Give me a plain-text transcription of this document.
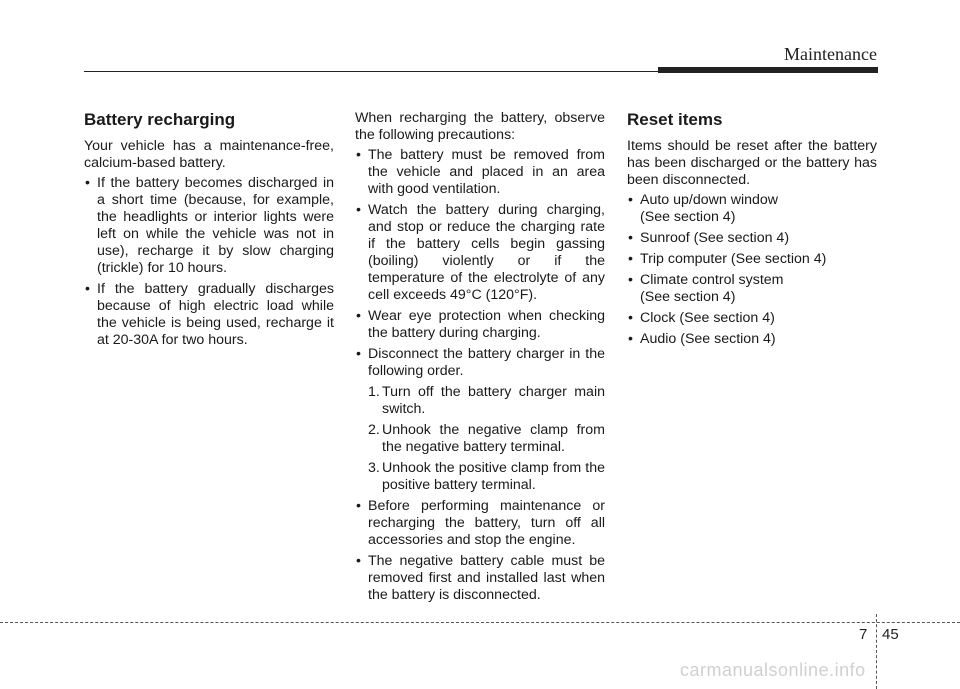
Maintenance
Battery recharging

Your vehicle has a maintenance-free, calcium-based battery.

• If the battery becomes discharged in a short time (because, for example, the headlights or interior lights were left on while the vehicle was not in use), recharge it by slow charging (trickle) for 10 hours.
• If the battery gradually discharges because of high electric load while the vehicle is being used, recharge it at 20-30A for two hours.

When recharging the battery, observe the following precautions:

• The battery must be removed from the vehicle and placed in an area with good ventilation.
• Watch the battery during charging, and stop or reduce the charging rate if the battery cells begin gassing (boiling) violently or if the temperature of the electrolyte of any cell exceeds 49°C (120°F).
• Wear eye protection when checking the battery during charging.
• Disconnect the battery charger in the following order.
1. Turn off the battery charger main switch.
2. Unhook the negative clamp from the negative battery terminal.
3. Unhook the positive clamp from the positive battery terminal.
• Before performing maintenance or recharging the battery, turn off all accessories and stop the engine.
• The negative battery cable must be removed first and installed last when the battery is disconnected.
Reset items

Items should be reset after the battery has been discharged or the battery has been disconnected.

• Auto up/down window
(See section 4)
• Sunroof (See section 4)
• Trip computer (See section 4)
• Climate control system
(See section 4)
• Clock (See section 4)
• Audio (See section 4)
7 45
carmanualsonline.info
